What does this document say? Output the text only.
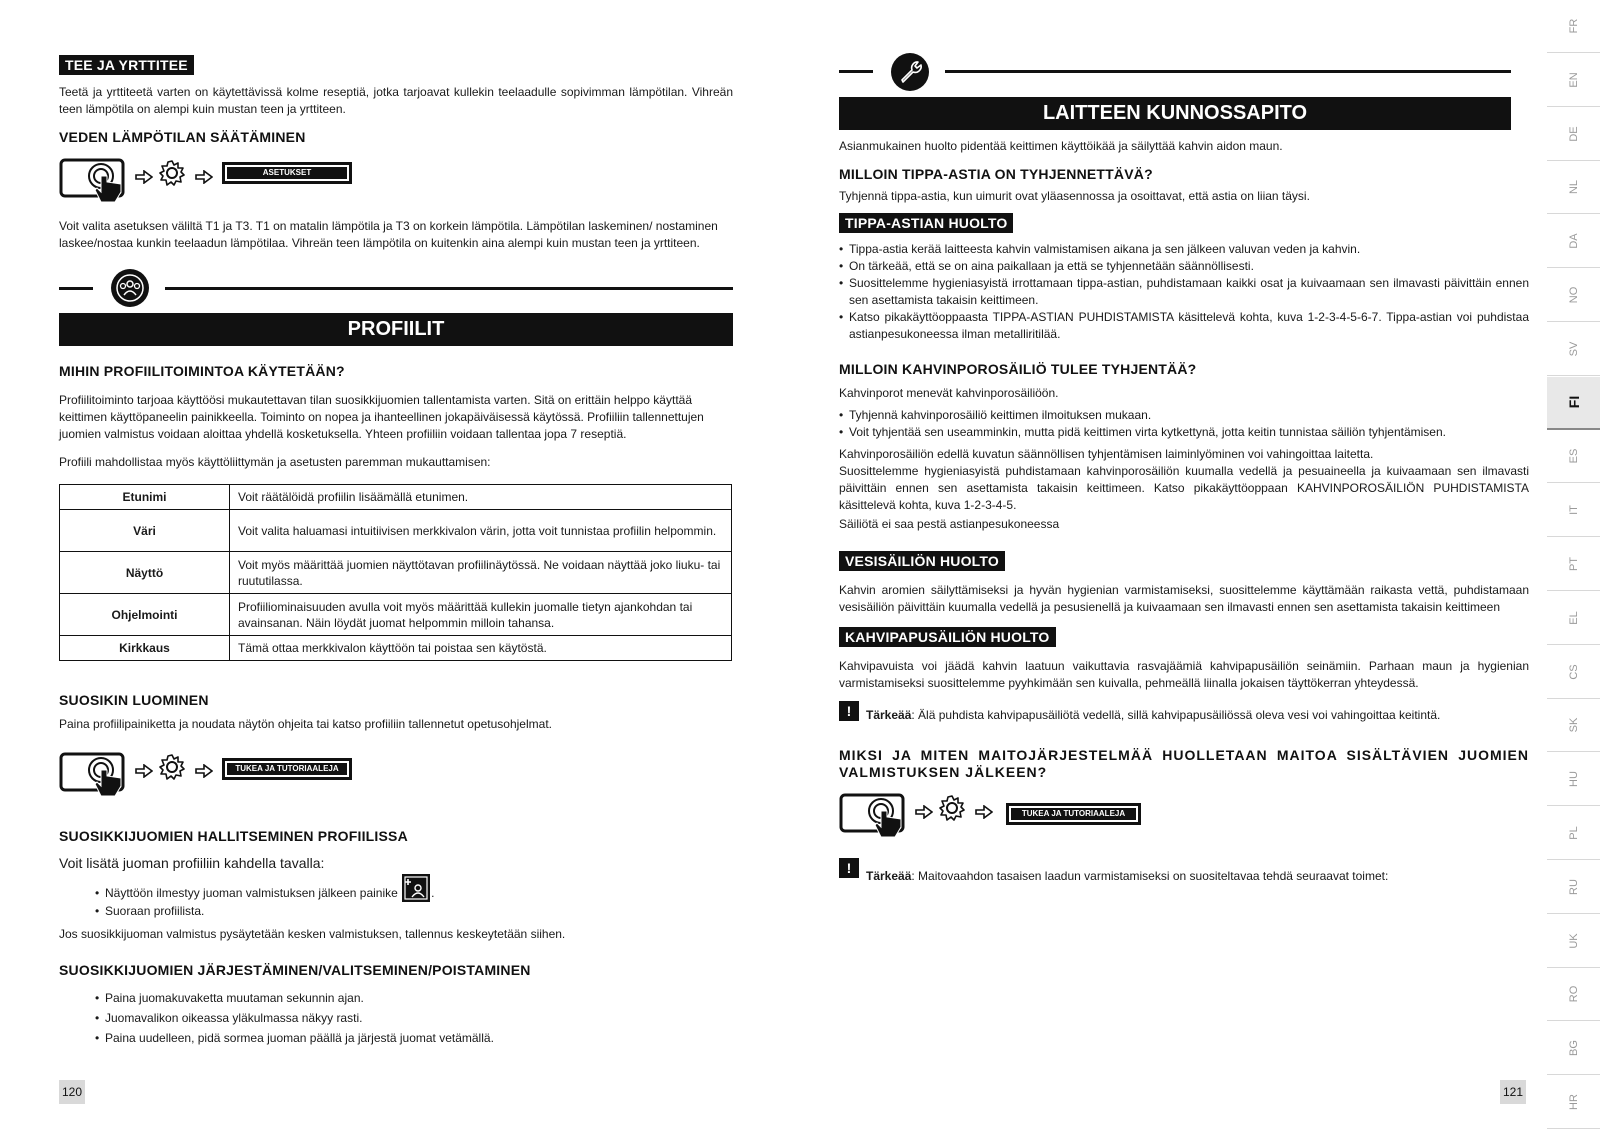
TEE JA YRTTITEE

Teetä ja yrttiteetä varten on käytettävissä kolme reseptiä, jotka tarjoavat kullekin teelaadulle sopivimman lämpötilan. Vihreän teen lämpötila on alempi kuin mustan teen ja yrttiteen.

VEDEN LÄMPÖTILAN SÄÄTÄMINEN
ASETUKSET

Voit valita asetuksen väliltä T1 ja T3. T1 on matalin lämpötila ja T3 on korkein lämpötila. Lämpötilan laskeminen/ nostaminen laskee/nostaa kunkin teelaadun lämpötilaa. Vihreän teen lämpötila on kuitenkin aina alempi kuin mustan teen ja yrttiteen.

PROFIILIT
MIHIN PROFIILITOIMINTOA KÄYTETÄÄN?

Profiilitoiminto tarjoaa käyttöösi mukautettavan tilan suosikkijuomien tallentamista varten. Sitä on erittäin helppo käyttää keittimen käyttöpaneelin painikkeella. Toiminto on nopea ja ihanteellinen jokapäiväisessä käytössä. Profiiliin tallennettujen juomien valmistus voidaan aloittaa yhdellä kosketuksella. Yhteen profiiliin voidaan tallentaa jopa 7 reseptiä.

Profiili mahdollistaa myös käyttöliittymän ja asetusten paremman mukauttamisen:

Etunimi	Voit räätälöidä profiilin lisäämällä etunimen.
Väri	Voit valita haluamasi intuitiivisen merkkivalon värin, jotta voit tunnistaa profiilin helpommin.
Näyttö	Voit myös määrittää juomien näyttötavan profiilinäytössä. Ne voidaan näyttää joko liuku- tai ruututilassa.
Ohjelmointi	Profiiliominaisuuden avulla voit myös määrittää kullekin juomalle tietyn ajankohdan tai avainsanan. Näin löydät juomat helpommin milloin tahansa.
Kirkkaus	Tämä ottaa merkkivalon käyttöön tai poistaa sen käytöstä.
SUOSIKIN LUOMINEN

Paina profiilipainiketta ja noudata näytön ohjeita tai katso profiiliin tallennetut opetusohjelmat.

TUKEA JA TUTORIAALEJA
SUOSIKKIJUOMIEN HALLITSEMINEN PROFIILISSA
Voit lisätä juoman profiiliin kahdella tavalla:
• Näyttöön ilmestyy juoman valmistuksen jälkeen painike	.
• Suoraan profiilista.

Jos suosikkijuoman valmistus pysäytetään kesken valmistuksen, tallennus keskeytetään siihen.

SUOSIKKIJUOMIEN JÄRJESTÄMINEN/VALITSEMINEN/POISTAMINEN
• Paina juomakuvaketta muutaman sekunnin ajan.
• Juomavalikon oikeassa yläkulmassa näkyy rasti.
• Paina uudelleen, pidä sormea juoman päällä ja järjestä juomat vetämällä.
120
LAITTEEN KUNNOSSAPITO

Asianmukainen huolto pidentää keittimen käyttöikää ja säilyttää kahvin aidon maun.

MILLOIN TIPPA-ASTIA ON TYHJENNETTÄVÄ?

Tyhjennä tippa-astia, kun uimurit ovat yläasennossa ja osoittavat, että astia on liian täysi.

TIPPA-ASTIAN HUOLTO
• Tippa-astia kerää laitteesta kahvin valmistamisen aikana ja sen jälkeen valuvan veden ja kahvin.
• On tärkeää, että se on aina paikallaan ja että se tyhjennetään säännöllisesti.
• Suosittelemme hygieniasyistä irrottamaan tippa-astian, puhdistamaan kaikki osat ja kuivaamaan sen ilmavasti päivittäin ennen sen asettamista takaisin keittimeen.
• Katso pikakäyttöoppaasta TIPPA-ASTIAN PUHDISTAMISTA käsittelevä kohta, kuva 1-2-3-4-5-6-7. Tippa-astian voi puhdistaa astianpesukoneessa ilman metalliritilää.
MILLOIN KAHVINPOROSÄILIÖ TULEE TYHJENTÄÄ?

Kahvinporot menevät kahvinporosäiliöön.

• Tyhjennä kahvinporosäiliö keittimen ilmoituksen mukaan.
• Voit tyhjentää sen useamminkin, mutta pidä keittimen virta kytkettynä, jotta keitin tunnistaa säiliön tyhjentämisen.

Kahvinporosäiliön edellä kuvatun säännöllisen tyhjentämisen laiminlyöminen voi vahingoittaa laitetta.

Suosittelemme hygieniasyistä puhdistamaan kahvinporosäiliön kuumalla vedellä ja pesuaineella ja kuivaamaan sen ilmavasti päivittäin ennen sen asettamista takaisin keittimeen. Katso pikakäyttöoppaan KAHVINPOROSÄILIÖN PUHDISTAMISTA käsittelevä kohta, kuva 1-2-3-4-5.

Säiliötä ei saa pestä astianpesukoneessa

VESISÄILIÖN HUOLTO

Kahvin aromien säilyttämiseksi ja hyvän hygienian varmistamiseksi, suosittelemme käyttämään raikasta vettä, puhdistamaan vesisäiliön päivittäin kuumalla vedellä ja pesusienellä ja kuivaamaan sen ilmavasti ennen sen asettamista takaisin keittimeen

KAHVIPAPUSÄILIÖN HUOLTO

Kahvipavuista voi jäädä kahvin laatuun vaikuttavia rasvajäämiä kahvipapusäiliön seinämiin. Parhaan maun ja hygienian varmistamiseksi suosittelemme pyyhkimään sen kuivalla, pehmeällä liinalla jokaisen täyttökerran yhteydessä.

!	Tärkeää: Älä puhdista kahvipapusäiliötä vedellä, sillä kahvipapusäiliössä oleva vesi voi vahingoittaa keitintä.

MIKSI JA MITEN MAITOJÄRJESTELMÄÄ HUOLLETAAN MAITOA SISÄLTÄVIEN JUOMIEN VALMISTUKSEN JÄLKEEN?
TUKEA JA TUTORIAALEJA
!	Tärkeää: Maitovaahdon tasaisen laadun varmistamiseksi on suositeltavaa tehdä seuraavat toimet:

121
FR
EN
DE
NL
DA
NO
SV
FI
ES
IT
PT
EL
CS
SK
HU
PL
RU
UK
RO
BG
HR
